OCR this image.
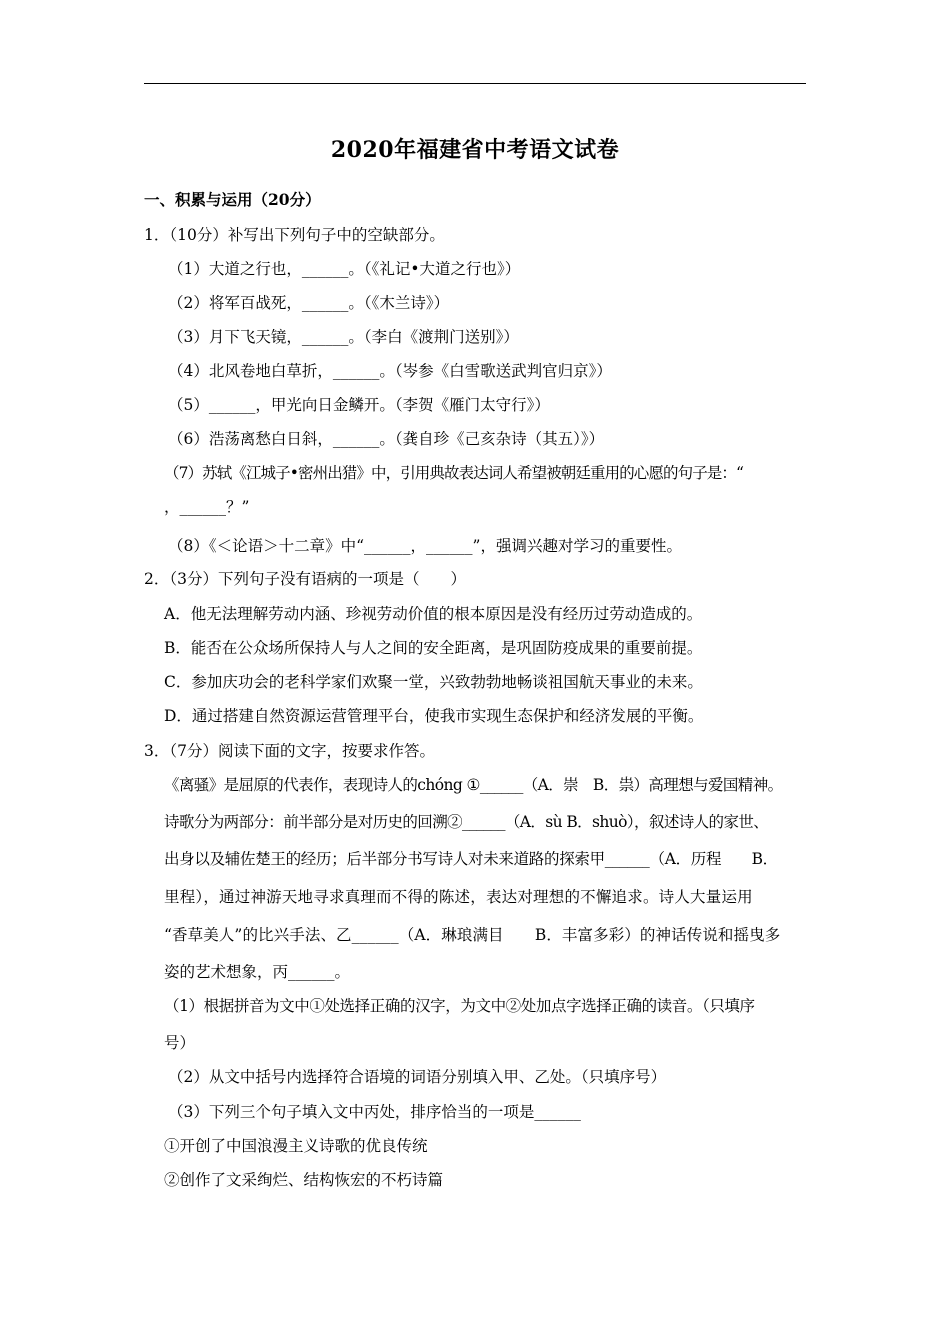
2020年福建省中考语文试卷
一、积累与运用（20分）
1．（10分）补写出下列句子中的空缺部分。
（1）大道之行也，______。（《礼记•大道之行也》）
（2）将军百战死，______。（《木兰诗》）
（3）月下飞天镜，______。（李白《渡荆门送别》）
（4）北风卷地白草折，______。（岑参《白雪歌送武判官归京》）
（5）______，甲光向日金鳞开。（李贺《雁门太守行》）
（6）浩荡离愁白日斜，______。（龚自珍《己亥杂诗（其五）》）
（7）苏轼《江城子•密州出猎》中，引用典故表达词人希望被朝廷重用的心愿的句子是：“
，______？”
（8）《＜论语＞十二章》中“______，______”，强调兴趣对学习的重要性。
2．（3分）下列句子没有语病的一项是（　　）
A．他无法理解劳动内涵、珍视劳动价值的根本原因是没有经历过劳动造成的。
B．能否在公众场所保持人与人之间的安全距离，是巩固防疫成果的重要前提。
C．参加庆功会的老科学家们欢聚一堂，兴致勃勃地畅谈祖国航天事业的未来。
D．通过搭建自然资源运营管理平台，使我市实现生态保护和经济发展的平衡。
3．（7分）阅读下面的文字，按要求作答。
《离骚》是屈原的代表作，表现诗人的chóng ①______（A．崇　B．祟）高理想与爱国精神。
诗歌分为两部分：前半部分是对历史的回溯②______（A．sù B．shuò），叙述诗人的家世、
出身以及辅佐楚王的经历；后半部分书写诗人对未来道路的探索甲______（A．历程　　B．
里程），通过神游天地寻求真理而不得的陈述，表达对理想的不懈追求。诗人大量运用
“香草美人”的比兴手法、乙______（A．琳琅满目　　B．丰富多彩）的神话传说和摇曳多
姿的艺术想象，丙______。
（1）根据拼音为文中①处选择正确的汉字，为文中②处加点字选择正确的读音。（只填序
号）
（2）从文中括号内选择符合语境的词语分别填入甲、乙处。（只填序号）
（3）下列三个句子填入文中丙处，排序恰当的一项是______
①开创了中国浪漫主义诗歌的优良传统
②创作了文采绚烂、结构恢宏的不朽诗篇
